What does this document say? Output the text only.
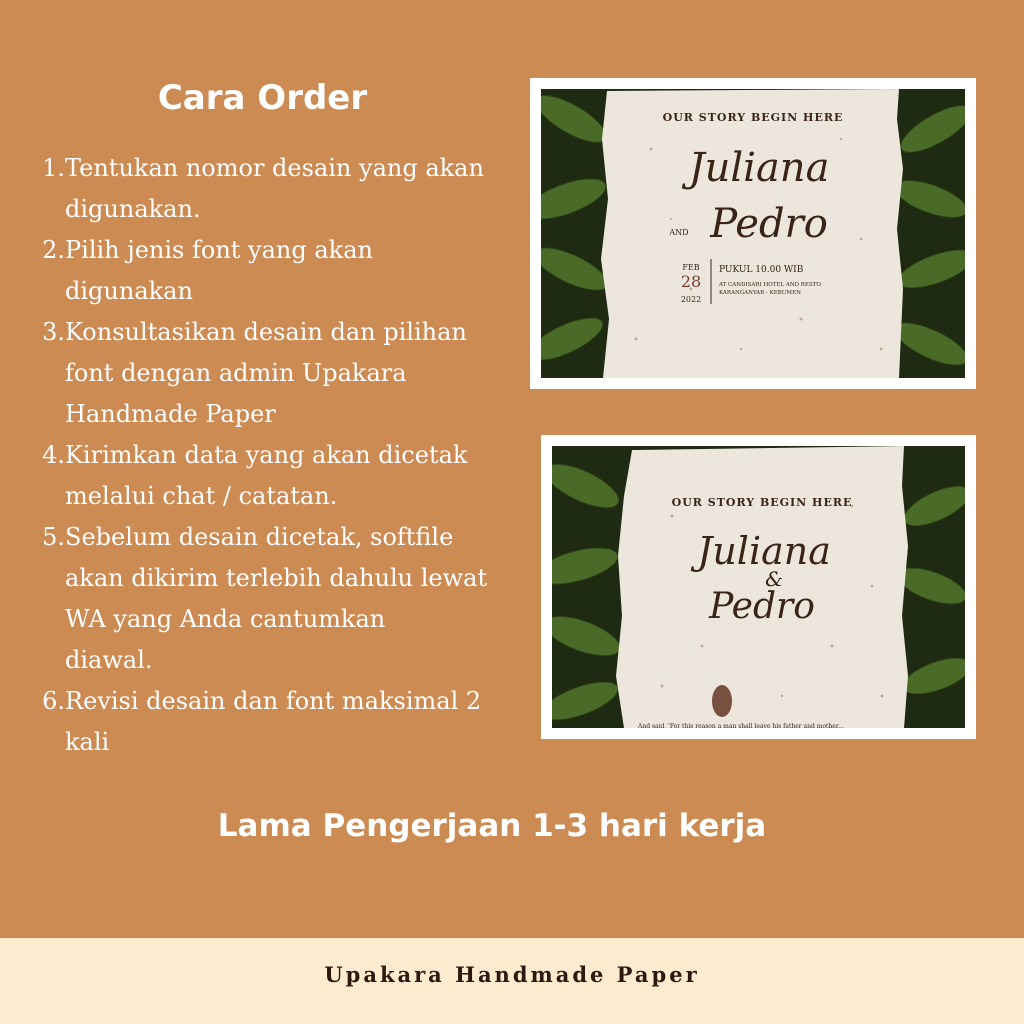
Cara Order
1. Tentukan nomor desain yang akan
digunakan.
2. Pilih jenis font yang akan
digunakan
3. Konsultasikan desain dan pilihan
font dengan admin Upakara
Handmade Paper
4. Kirimkan data yang akan dicetak
melalui chat / catatan.
5. Sebelum desain dicetak, softfile
akan dikirim terlebih dahulu lewat
WA yang Anda cantumkan
diawal.
6. Revisi desain dan font maksimal 2
kali
OUR STORY BEGIN HERE
Juliana
AND Pedro
FEB
28
2022
PUKUL 10.00 WIB
AT CANDISARI HOTEL AND RESTO
KARANGANYAR - KEBUMEN
OUR STORY BEGIN HERE
Juliana
&
Pedro
And said, 'For this reason a man shall leave his father and mother...
Lama Pengerjaan 1-3 hari kerja
Upakara Handmade Paper
